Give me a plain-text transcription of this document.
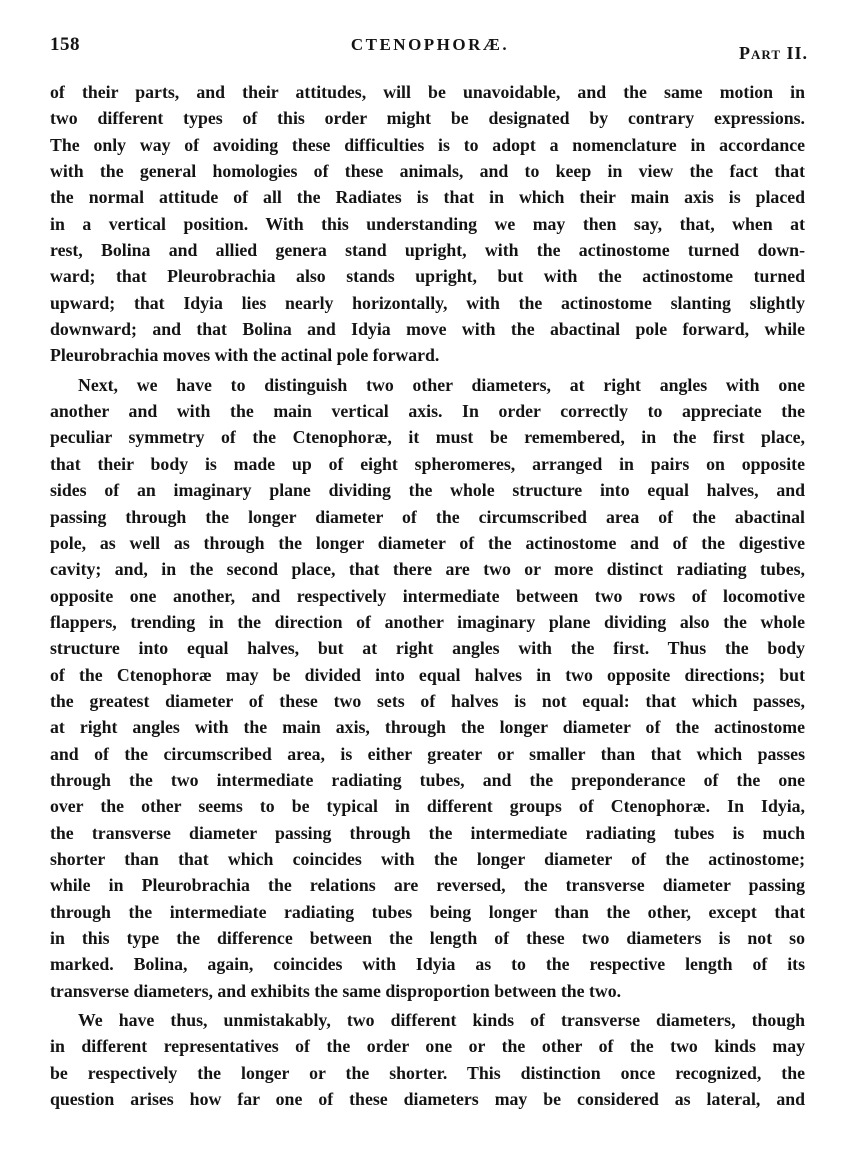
158	CTENOPHORÆ.	Part II.

of their parts, and their attitudes, will be unavoidable, and the same motion in
two different types of this order might be designated by contrary expressions.
The only way of avoiding these difficulties is to adopt a nomenclature in accordance
with the general homologies of these animals, and to keep in view the fact that
the normal attitude of all the Radiates is that in which their main axis is placed
in a vertical position. With this understanding we may then say, that, when at
rest, Bolina and allied genera stand upright, with the actinostome turned down-
ward; that Pleurobrachia also stands upright, but with the actinostome turned
upward; that Idyia lies nearly horizontally, with the actinostome slanting slightly
downward; and that Bolina and Idyia move with the abactinal pole forward, while
Pleurobrachia moves with the actinal pole forward.

Next, we have to distinguish two other diameters, at right angles with one
another and with the main vertical axis. In order correctly to appreciate the
peculiar symmetry of the Ctenophoræ, it must be remembered, in the first place,
that their body is made up of eight spheromeres, arranged in pairs on opposite
sides of an imaginary plane dividing the whole structure into equal halves, and
passing through the longer diameter of the circumscribed area of the abactinal
pole, as well as through the longer diameter of the actinostome and of the digestive
cavity; and, in the second place, that there are two or more distinct radiating tubes,
opposite one another, and respectively intermediate between two rows of locomotive
flappers, trending in the direction of another imaginary plane dividing also the whole
structure into equal halves, but at right angles with the first. Thus the body
of the Ctenophoræ may be divided into equal halves in two opposite directions; but
the greatest diameter of these two sets of halves is not equal: that which passes,
at right angles with the main axis, through the longer diameter of the actinostome
and of the circumscribed area, is either greater or smaller than that which passes
through the two intermediate radiating tubes, and the preponderance of the one
over the other seems to be typical in different groups of Ctenophoræ. In Idyia,
the transverse diameter passing through the intermediate radiating tubes is much
shorter than that which coincides with the longer diameter of the actinostome;
while in Pleurobrachia the relations are reversed, the transverse diameter passing
through the intermediate radiating tubes being longer than the other, except that
in this type the difference between the length of these two diameters is not so
marked. Bolina, again, coincides with Idyia as to the respective length of its
transverse diameters, and exhibits the same disproportion between the two.

We have thus, unmistakably, two different kinds of transverse diameters, though
in different representatives of the order one or the other of the two kinds may
be respectively the longer or the shorter. This distinction once recognized, the
question arises how far one of these diameters may be considered as lateral, and
